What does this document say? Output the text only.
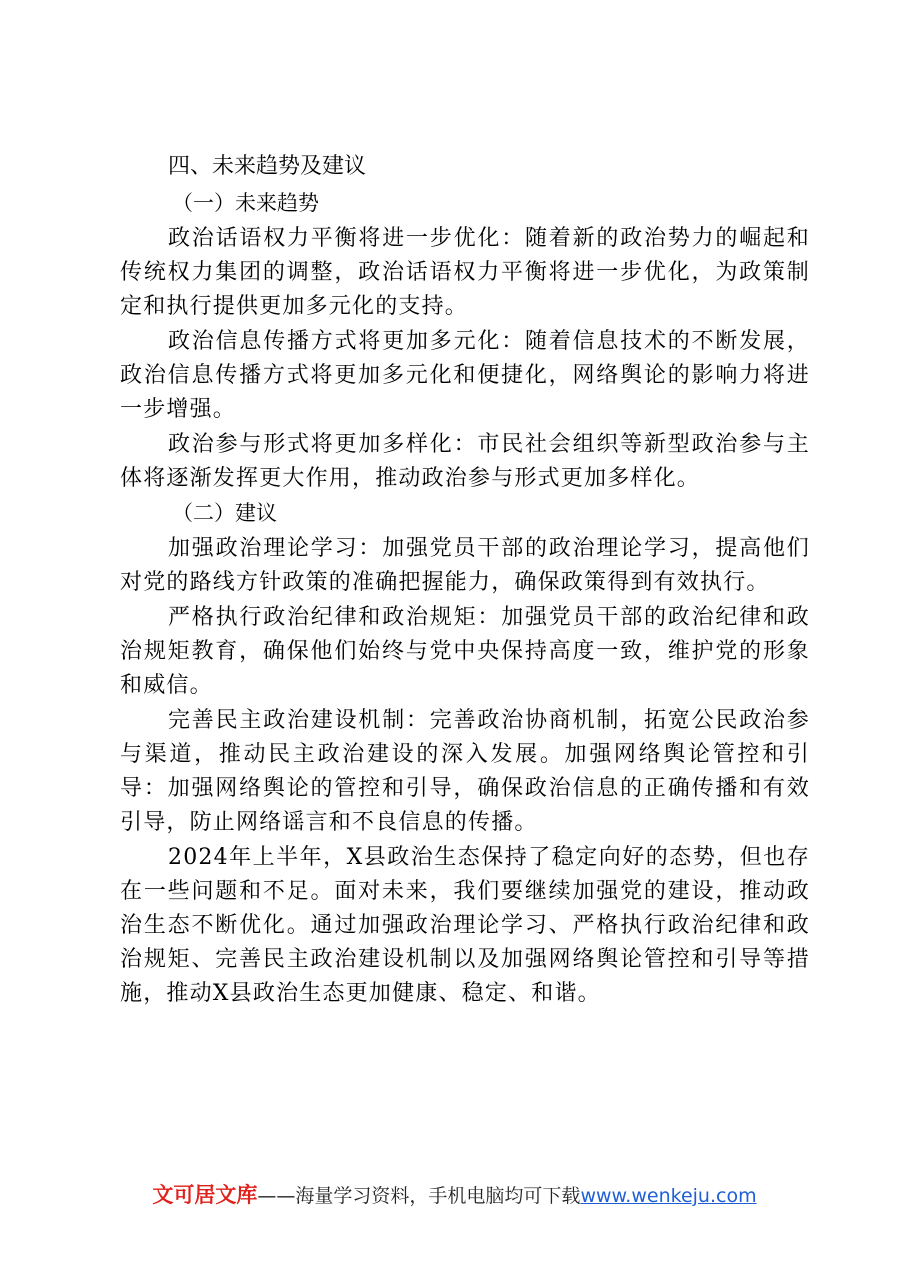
四、未来趋势及建议
（一）未来趋势

政治话语权力平衡将进一步优化：随着新的政治势力的崛起和传统权力集团的调整，政治话语权力平衡将进一步优化，为政策制定和执行提供更加多元化的支持。

政治信息传播方式将更加多元化：随着信息技术的不断发展，政治信息传播方式将更加多元化和便捷化，网络舆论的影响力将进一步增强。

政治参与形式将更加多样化：市民社会组织等新型政治参与主体将逐渐发挥更大作用，推动政治参与形式更加多样化。

（二）建议

加强政治理论学习：加强党员干部的政治理论学习，提高他们对党的路线方针政策的准确把握能力，确保政策得到有效执行。

严格执行政治纪律和政治规矩：加强党员干部的政治纪律和政治规矩教育，确保他们始终与党中央保持高度一致，维护党的形象和威信。

完善民主政治建设机制：完善政治协商机制，拓宽公民政治参与渠道，推动民主政治建设的深入发展。加强网络舆论管控和引导：加强网络舆论的管控和引导，确保政治信息的正确传播和有效引导，防止网络谣言和不良信息的传播。

2024年上半年，X县政治生态保持了稳定向好的态势，但也存在一些问题和不足。面对未来，我们要继续加强党的建设，推动政治生态不断优化。通过加强政治理论学习、严格执行政治纪律和政治规矩、完善民主政治建设机制以及加强网络舆论管控和引导等措施，推动X县政治生态更加健康、稳定、和谐。

文可居文库——海量学习资料，手机电脑均可下载www.wenkeju.com
